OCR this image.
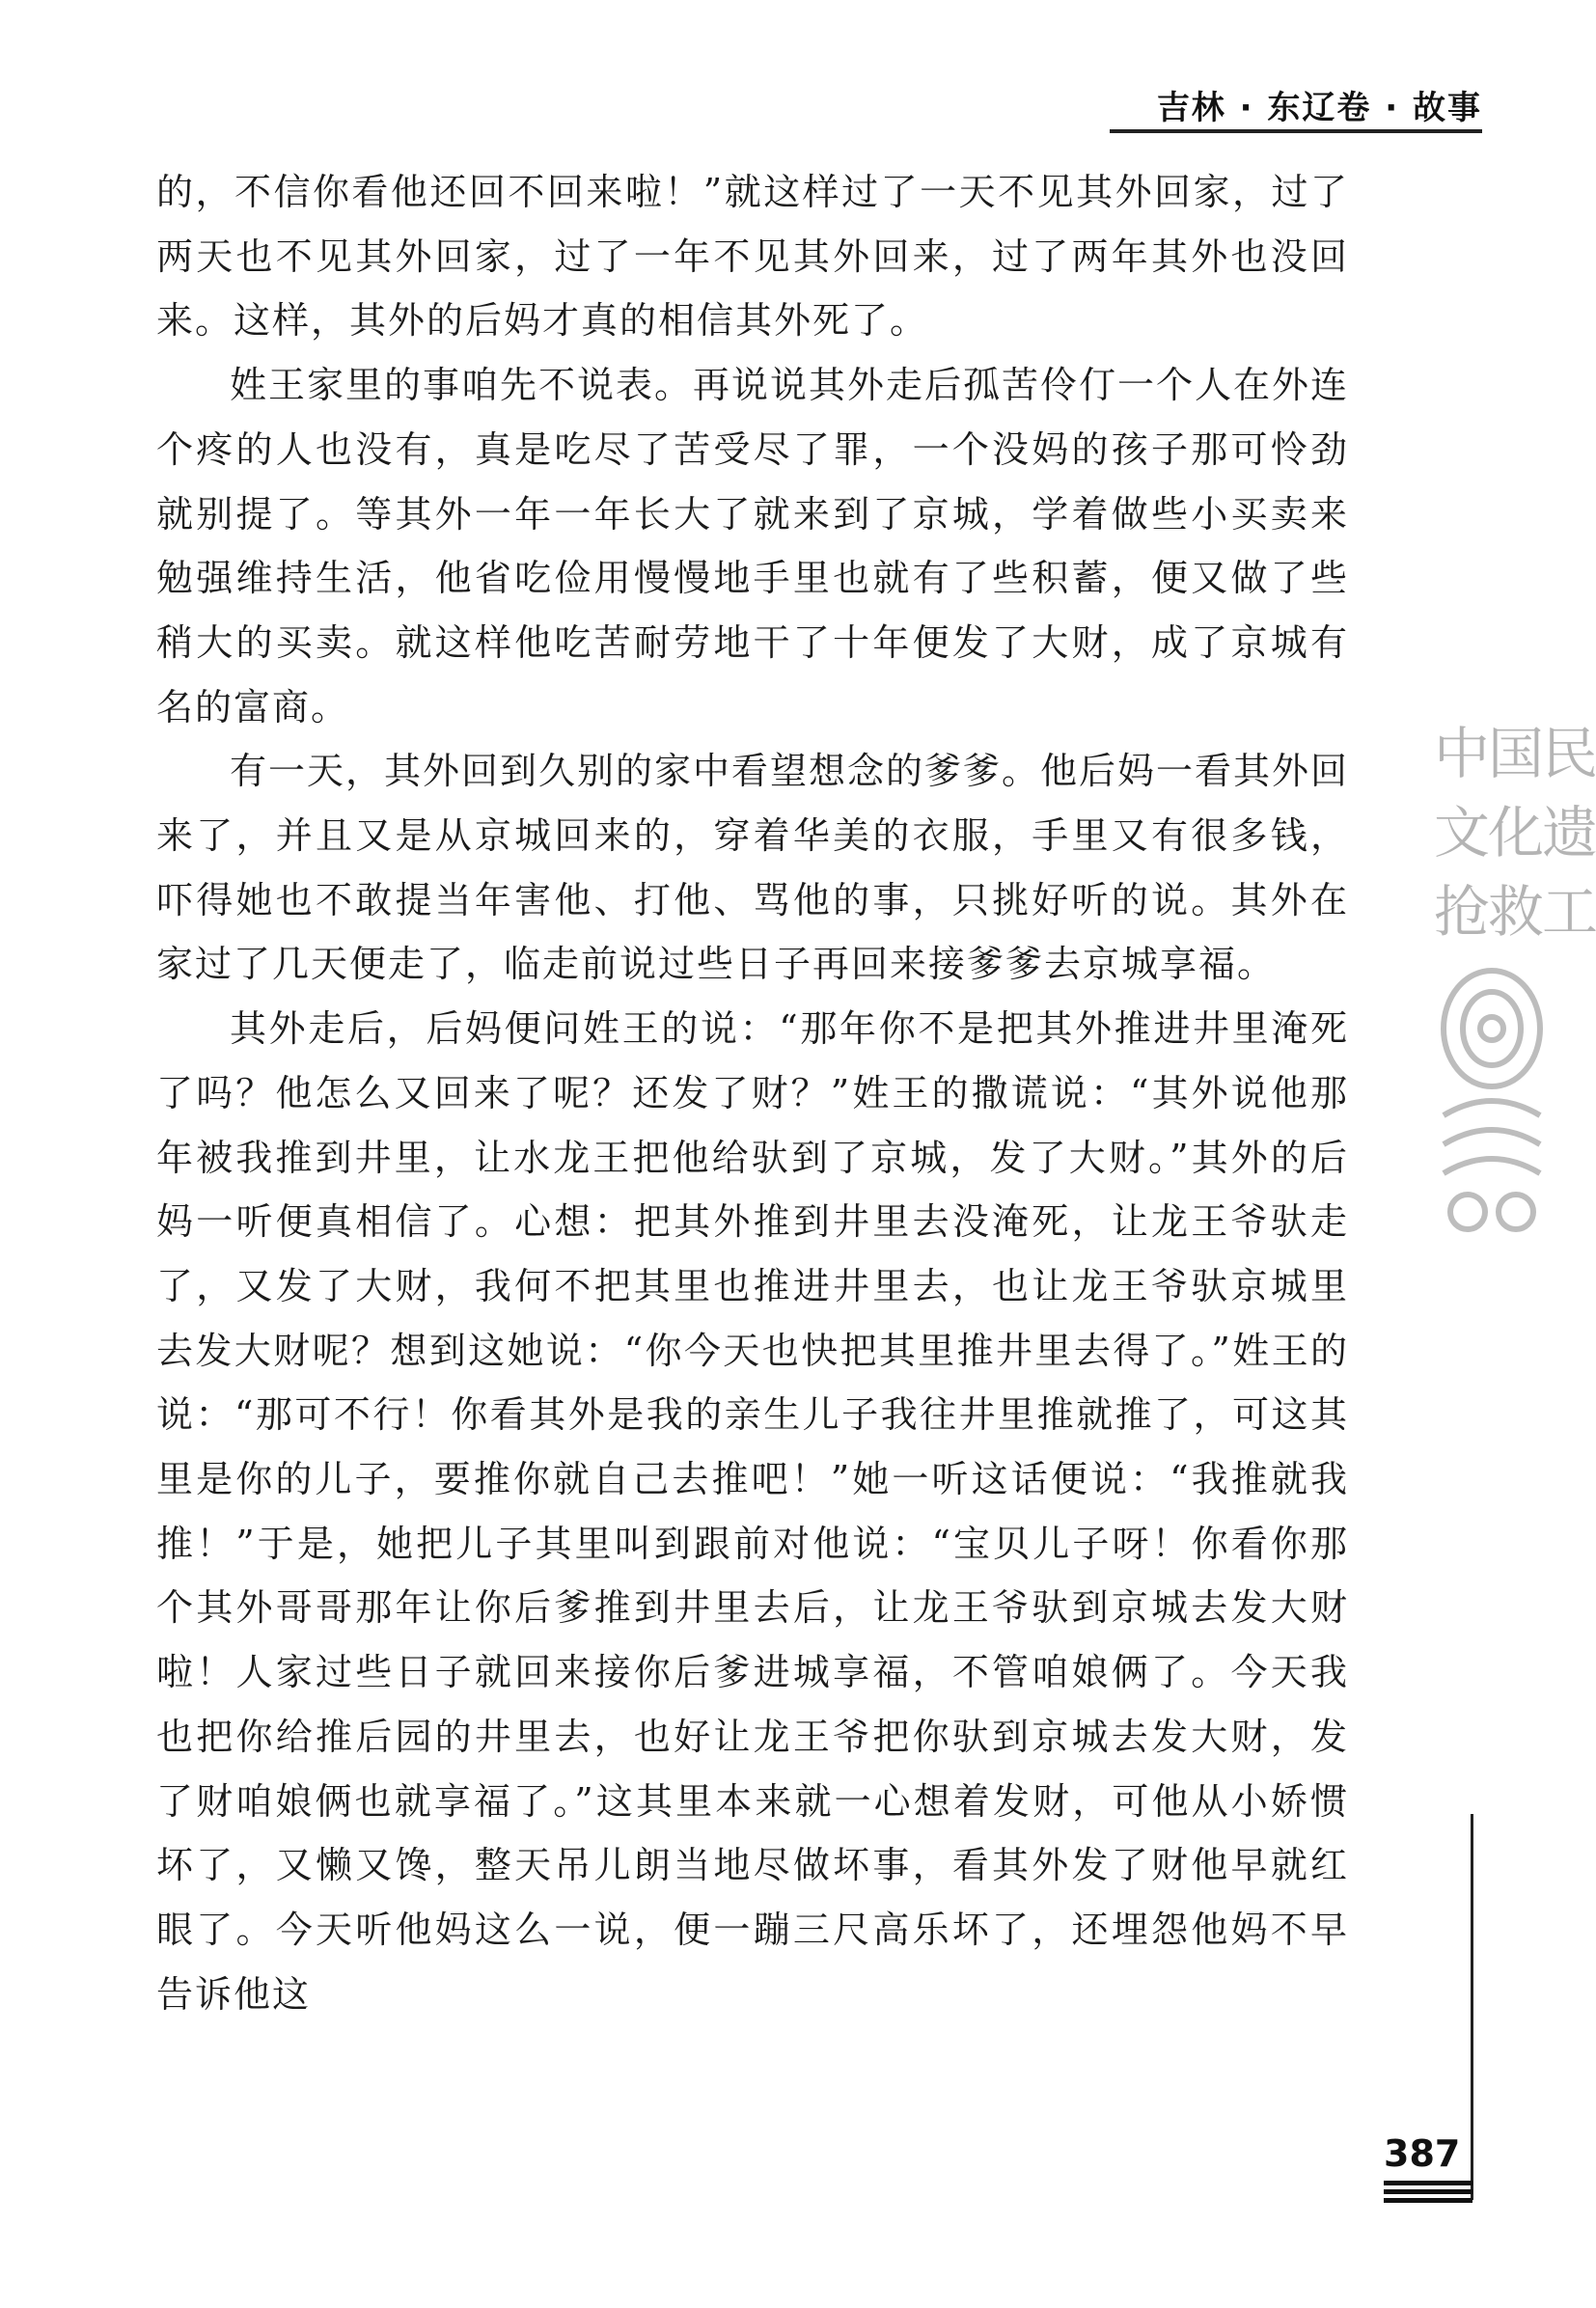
吉林 · 东辽卷 · 故事

的，不信你看他还回不回来啦！”就这样过了一天不见其外回家，过了两天也不见其外回家，过了一年不见其外回来，过了两年其外也没回来。这样，其外的后妈才真的相信其外死了。

姓王家里的事咱先不说表。再说说其外走后孤苦伶仃一个人在外连个疼的人也没有，真是吃尽了苦受尽了罪，一个没妈的孩子那可怜劲就别提了。等其外一年一年长大了就来到了京城，学着做些小买卖来勉强维持生活，他省吃俭用慢慢地手里也就有了些积蓄，便又做了些稍大的买卖。就这样他吃苦耐劳地干了十年便发了大财，成了京城有名的富商。

有一天，其外回到久别的家中看望想念的爹爹。他后妈一看其外回来了，并且又是从京城回来的，穿着华美的衣服，手里又有很多钱，吓得她也不敢提当年害他、打他、骂他的事，只挑好听的说。其外在家过了几天便走了，临走前说过些日子再回来接爹爹去京城享福。

其外走后，后妈便问姓王的说：“那年你不是把其外推进井里淹死了吗？他怎么又回来了呢？还发了财？”姓王的撒谎说：“其外说他那年被我推到井里，让水龙王把他给驮到了京城，发了大财。”其外的后妈一听便真相信了。心想：把其外推到井里去没淹死，让龙王爷驮走了，又发了大财，我何不把其里也推进井里去，也让龙王爷驮京城里去发大财呢？想到这她说：“你今天也快把其里推井里去得了。”姓王的说：“那可不行！你看其外是我的亲生儿子我往井里推就推了，可这其里是你的儿子，要推你就自己去推吧！”她一听这话便说：“我推就我推！”于是，她把儿子其里叫到跟前对他说：“宝贝儿子呀！你看你那个其外哥哥那年让你后爹推到井里去后，让龙王爷驮到京城去发大财啦！人家过些日子就回来接你后爹进城享福，不管咱娘俩了。今天我也把你给推后园的井里去，也好让龙王爷把你驮到京城去发大财，发了财咱娘俩也就享福了。”这其里本来就一心想着发财，可他从小娇惯坏了，又懒又馋，整天吊儿朗当地尽做坏事，看其外发了财他早就红眼了。今天听他妈这么一说，便一蹦三尺高乐坏了，还埋怨他妈不早告诉他这

中国民
文化遗
抢救工
387
